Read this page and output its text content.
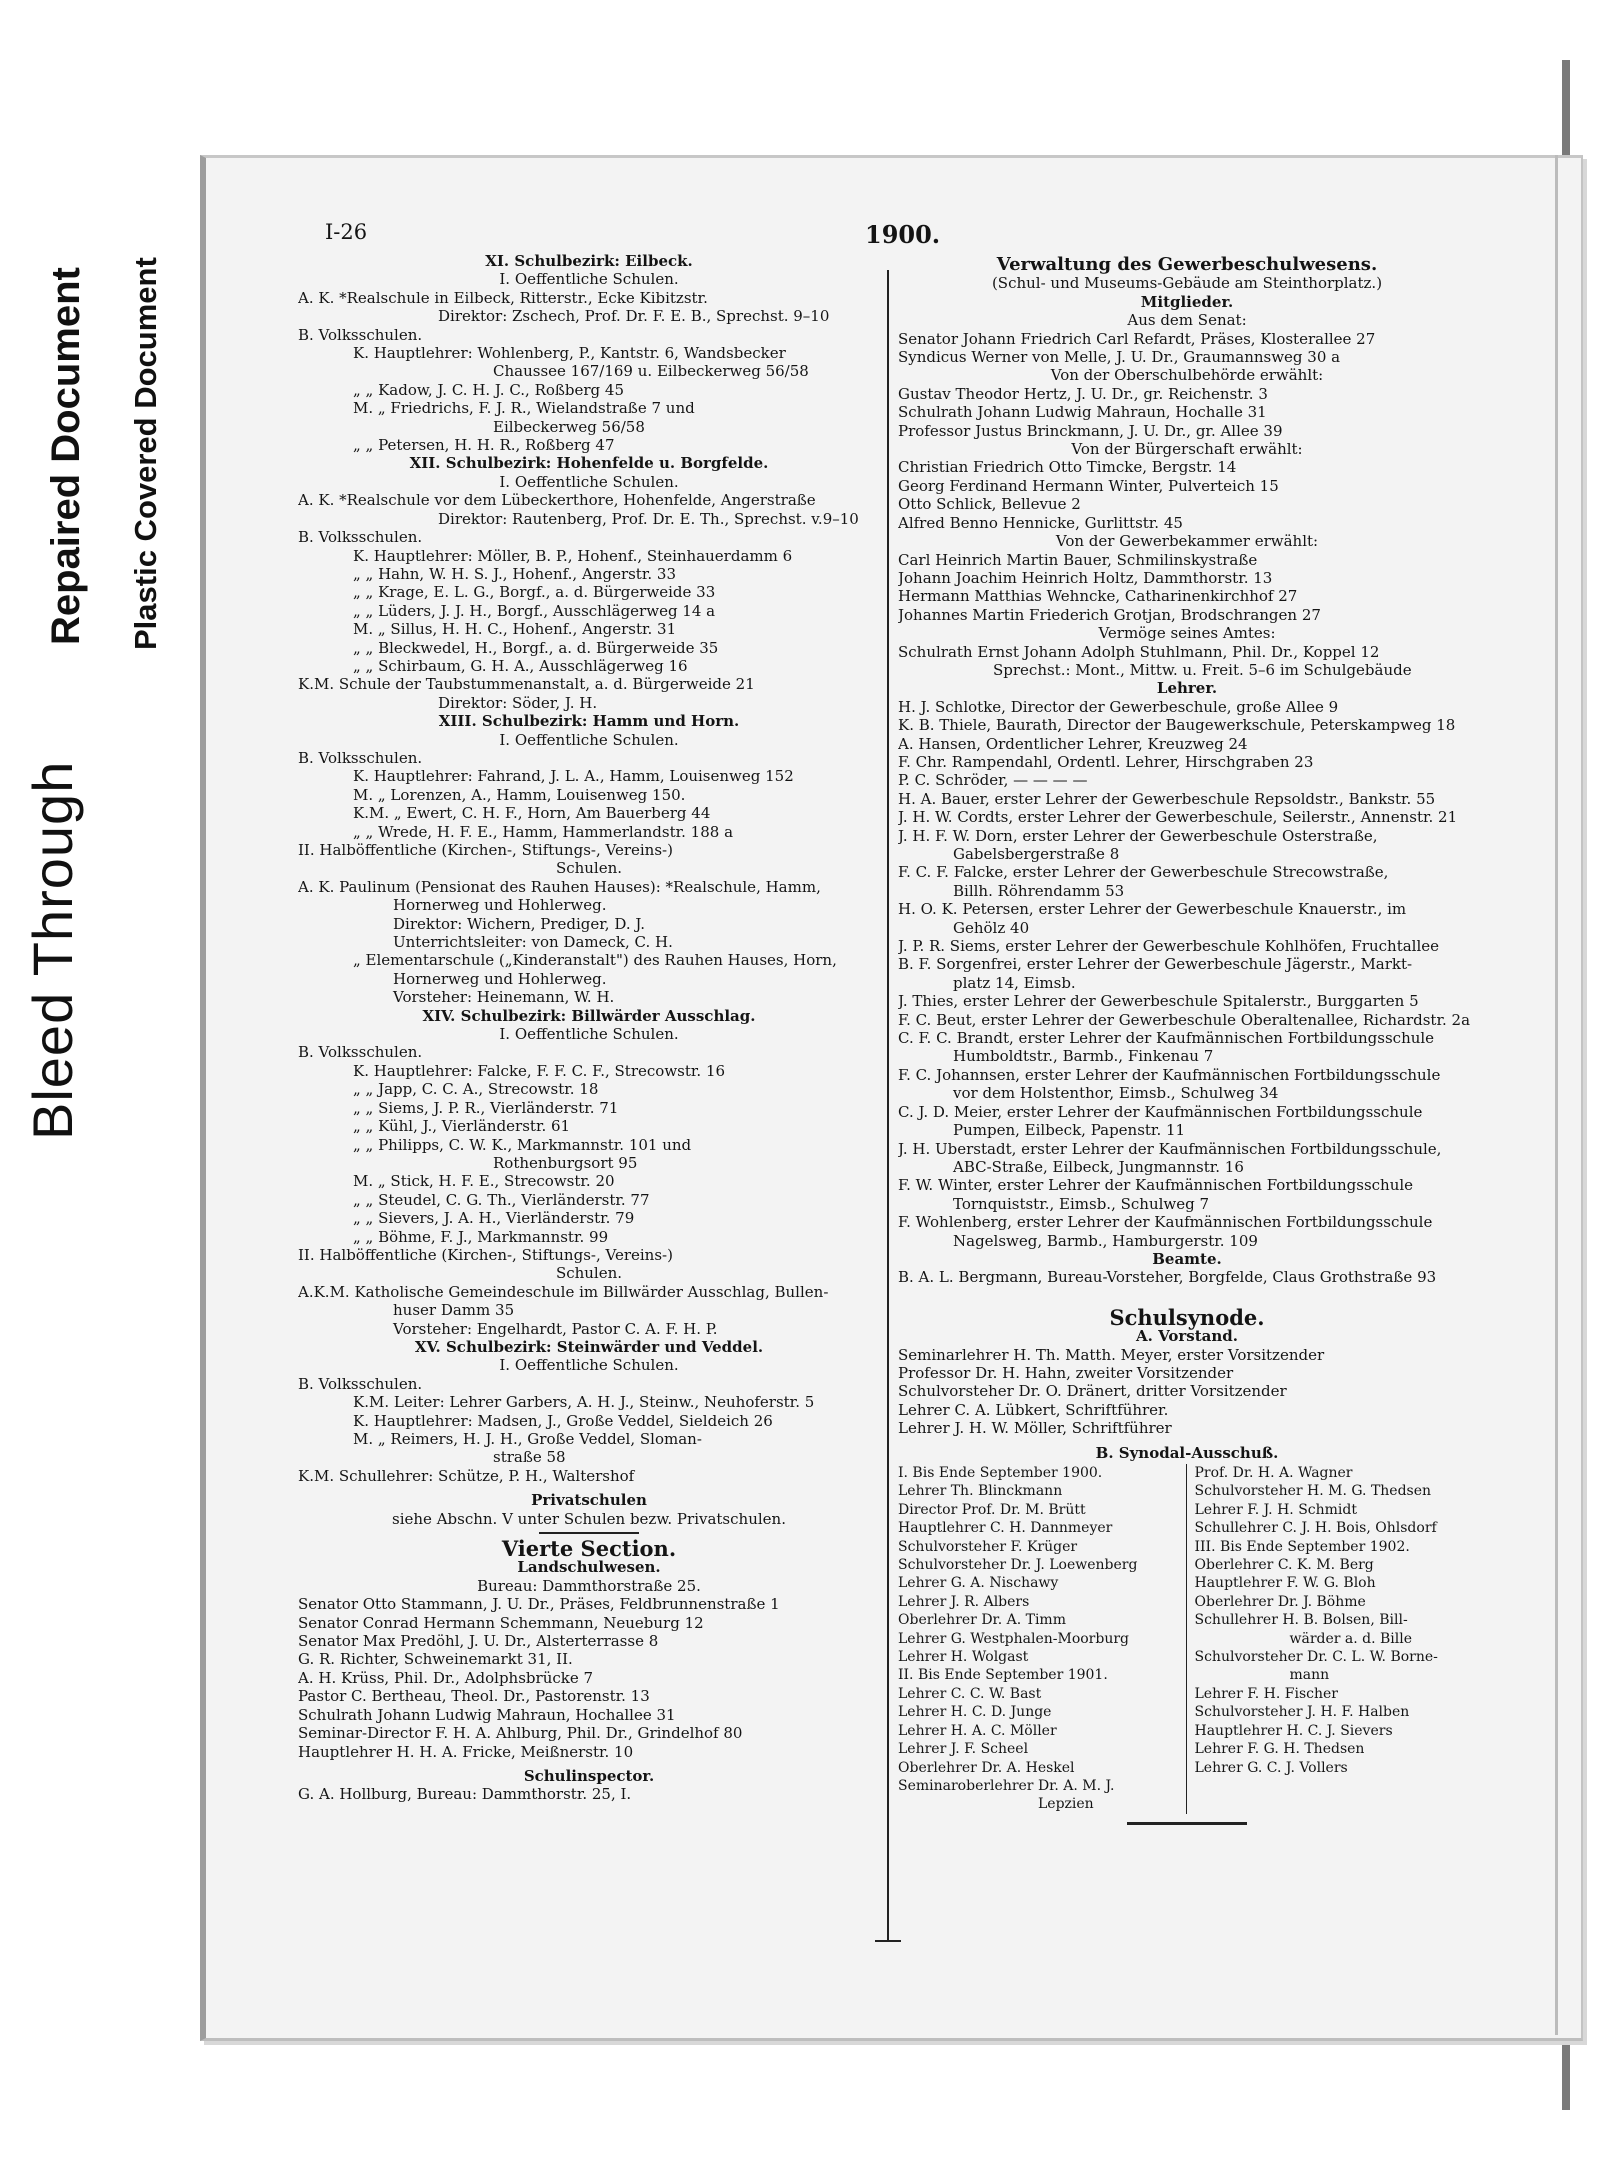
Bleed Through
Repaired Document Plastic Covered Document
I-26	1900.
XI. Schulbezirk: Eilbeck.
I. Oeffentliche Schulen.
A. K. *Realschule in Eilbeck, Ritterstr., Ecke Kibitzstr.
Direktor: Zschech, Prof. Dr. F. E. B., Sprechst. 9–10
B. Volksschulen.
K. Hauptlehrer: Wohlenberg, P., Kantstr. 6, Wandsbecker
Chaussee 167/169 u. Eilbeckerweg 56/58
„ „ Kadow, J. C. H. J. C., Roßberg 45
M. „ Friedrichs, F. J. R., Wielandstraße 7 und
Eilbeckerweg 56/58
„ „ Petersen, H. H. R., Roßberg 47
XII. Schulbezirk: Hohenfelde u. Borgfelde.
I. Oeffentliche Schulen.
A. K. *Realschule vor dem Lübeckerthore, Hohenfelde, Angerstraße
Direktor: Rautenberg, Prof. Dr. E. Th., Sprechst. v.9–10
B. Volksschulen.
K. Hauptlehrer: Möller, B. P., Hohenf., Steinhauerdamm 6
„ „ Hahn, W. H. S. J., Hohenf., Angerstr. 33
„ „ Krage, E. L. G., Borgf., a. d. Bürgerweide 33
„ „ Lüders, J. J. H., Borgf., Ausschlägerweg 14 a
M. „ Sillus, H. H. C., Hohenf., Angerstr. 31
„ „ Bleckwedel, H., Borgf., a. d. Bürgerweide 35
„ „ Schirbaum, G. H. A., Ausschlägerweg 16
K.M. Schule der Taubstummenanstalt, a. d. Bürgerweide 21
Direktor: Söder, J. H.
XIII. Schulbezirk: Hamm und Horn.
I. Oeffentliche Schulen.
B. Volksschulen.
K. Hauptlehrer: Fahrand, J. L. A., Hamm, Louisenweg 152
M. „ Lorenzen, A., Hamm, Louisenweg 150.
K.M. „ Ewert, C. H. F., Horn, Am Bauerberg 44
„ „ Wrede, H. F. E., Hamm, Hammerlandstr. 188 a
II. Halböffentliche (Kirchen-, Stiftungs-, Vereins-)
Schulen.
A. K. Paulinum (Pensionat des Rauhen Hauses): *Realschule, Hamm,
Hornerweg und Hohlerweg.
Direktor: Wichern, Prediger, D. J.
Unterrichtsleiter: von Dameck, C. H.
„ Elementarschule („Kinderanstalt") des Rauhen Hauses, Horn,
Hornerweg und Hohlerweg.
Vorsteher: Heinemann, W. H.
XIV. Schulbezirk: Billwärder Ausschlag.
I. Oeffentliche Schulen.
B. Volksschulen.
K. Hauptlehrer: Falcke, F. F. C. F., Strecowstr. 16
„ „ Japp, C. C. A., Strecowstr. 18
„ „ Siems, J. P. R., Vierländerstr. 71
„ „ Kühl, J., Vierländerstr. 61
„ „ Philipps, C. W. K., Markmannstr. 101 und
Rothenburgsort 95
M. „ Stick, H. F. E., Strecowstr. 20
„ „ Steudel, C. G. Th., Vierländerstr. 77
„ „ Sievers, J. A. H., Vierländerstr. 79
„ „ Böhme, F. J., Markmannstr. 99
II. Halböffentliche (Kirchen-, Stiftungs-, Vereins-)
Schulen.
A.K.M. Katholische Gemeindeschule im Billwärder Ausschlag, Bullen-
huser Damm 35
Vorsteher: Engelhardt, Pastor C. A. F. H. P.
XV. Schulbezirk: Steinwärder und Veddel.
I. Oeffentliche Schulen.
B. Volksschulen.
K.M. Leiter: Lehrer Garbers, A. H. J., Steinw., Neuhoferstr. 5
K. Hauptlehrer: Madsen, J., Große Veddel, Sieldeich 26
M. „ Reimers, H. J. H., Große Veddel, Sloman-
straße 58
K.M. Schullehrer: Schütze, P. H., Waltershof
Privatschulen
siehe Abschn. V unter Schulen bezw. Privatschulen.
Vierte Section.
Landschulwesen.
Bureau: Dammthorstraße 25.
Senator Otto Stammann, J. U. Dr., Präses, Feldbrunnenstraße 1
Senator Conrad Hermann Schemmann, Neueburg 12
Senator Max Predöhl, J. U. Dr., Alsterterrasse 8
G. R. Richter, Schweinemarkt 31, II.
A. H. Krüss, Phil. Dr., Adolphsbrücke 7
Pastor C. Bertheau, Theol. Dr., Pastorenstr. 13
Schulrath Johann Ludwig Mahraun, Hochallee 31
Seminar-Director F. H. A. Ahlburg, Phil. Dr., Grindelhof 80
Hauptlehrer H. H. A. Fricke, Meißnerstr. 10
Schulinspector.
G. A. Hollburg, Bureau: Dammthorstr. 25, I.
Verwaltung des Gewerbeschulwesens.
(Schul- und Museums-Gebäude am Steinthorplatz.)
Mitglieder.
Aus dem Senat:
Senator Johann Friedrich Carl Refardt, Präses, Klosterallee 27
Syndicus Werner von Melle, J. U. Dr., Graumannsweg 30 a
Von der Oberschulbehörde erwählt:
Gustav Theodor Hertz, J. U. Dr., gr. Reichenstr. 3
Schulrath Johann Ludwig Mahraun, Hochalle 31
Professor Justus Brinckmann, J. U. Dr., gr. Allee 39
Von der Bürgerschaft erwählt:
Christian Friedrich Otto Timcke, Bergstr. 14
Georg Ferdinand Hermann Winter, Pulverteich 15
Otto Schlick, Bellevue 2
Alfred Benno Hennicke, Gurlittstr. 45
Von der Gewerbekammer erwählt:
Carl Heinrich Martin Bauer, Schmilinskystraße
Johann Joachim Heinrich Holtz, Dammthorstr. 13
Hermann Matthias Wehncke, Catharinenkirchhof 27
Johannes Martin Friederich Grotjan, Brodschrangen 27
Vermöge seines Amtes:
Schulrath Ernst Johann Adolph Stuhlmann, Phil. Dr., Koppel 12
Sprechst.: Mont., Mittw. u. Freit. 5–6 im Schulgebäude
Lehrer.
H. J. Schlotke, Director der Gewerbeschule, große Allee 9
K. B. Thiele, Baurath, Director der Baugewerkschule, Peterskampweg 18
A. Hansen, Ordentlicher Lehrer, Kreuzweg 24
F. Chr. Rampendahl, Ordentl. Lehrer, Hirschgraben 23
P. C. Schröder, — — — —
H. A. Bauer, erster Lehrer der Gewerbeschule Repsoldstr., Bankstr. 55
J. H. W. Cordts, erster Lehrer der Gewerbeschule, Seilerstr., Annenstr. 21
J. H. F. W. Dorn, erster Lehrer der Gewerbeschule Osterstraße,
Gabelsbergerstraße 8
F. C. F. Falcke, erster Lehrer der Gewerbeschule Strecowstraße,
Billh. Röhrendamm 53
H. O. K. Petersen, erster Lehrer der Gewerbeschule Knauerstr., im
Gehölz 40
J. P. R. Siems, erster Lehrer der Gewerbeschule Kohlhöfen, Fruchtallee
B. F. Sorgenfrei, erster Lehrer der Gewerbeschule Jägerstr., Markt-
platz 14, Eimsb.
J. Thies, erster Lehrer der Gewerbeschule Spitalerstr., Burggarten 5
F. C. Beut, erster Lehrer der Gewerbeschule Oberaltenallee, Richardstr. 2a
C. F. C. Brandt, erster Lehrer der Kaufmännischen Fortbildungsschule
Humboldtstr., Barmb., Finkenau 7
F. C. Johannsen, erster Lehrer der Kaufmännischen Fortbildungsschule
vor dem Holstenthor, Eimsb., Schulweg 34
C. J. D. Meier, erster Lehrer der Kaufmännischen Fortbildungsschule
Pumpen, Eilbeck, Papenstr. 11
J. H. Uberstadt, erster Lehrer der Kaufmännischen Fortbildungsschule,
ABC-Straße, Eilbeck, Jungmannstr. 16
F. W. Winter, erster Lehrer der Kaufmännischen Fortbildungsschule
Tornquiststr., Eimsb., Schulweg 7
F. Wohlenberg, erster Lehrer der Kaufmännischen Fortbildungsschule
Nagelsweg, Barmb., Hamburgerstr. 109
Beamte.
B. A. L. Bergmann, Bureau-Vorsteher, Borgfelde, Claus Grothstraße 93
Schulsynode.
A. Vorstand.
Seminarlehrer H. Th. Matth. Meyer, erster Vorsitzender
Professor Dr. H. Hahn, zweiter Vorsitzender
Schulvorsteher Dr. O. Dränert, dritter Vorsitzender
Lehrer C. A. Lübkert, Schriftführer.
Lehrer J. H. W. Möller, Schriftführer
B. Synodal-Ausschuß.
I. Bis Ende September 1900.
Lehrer Th. Blinckmann
Director Prof. Dr. M. Brütt
Hauptlehrer C. H. Dannmeyer
Schulvorsteher F. Krüger
Schulvorsteher Dr. J. Loewenberg
Lehrer G. A. Nischawy
Lehrer J. R. Albers
Oberlehrer Dr. A. Timm
Lehrer G. Westphalen-Moorburg
Lehrer H. Wolgast
II. Bis Ende September 1901.
Lehrer C. C. W. Bast
Lehrer H. C. D. Junge
Lehrer H. A. C. Möller
Lehrer J. F. Scheel
Oberlehrer Dr. A. Heskel
Seminaroberlehrer Dr. A. M. J.
Lepzien
Prof. Dr. H. A. Wagner
Schulvorsteher H. M. G. Thedsen
Lehrer F. J. H. Schmidt
Schullehrer C. J. H. Bois, Ohlsdorf
III. Bis Ende September 1902.
Oberlehrer C. K. M. Berg
Hauptlehrer F. W. G. Bloh
Oberlehrer Dr. J. Böhme
Schullehrer H. B. Bolsen, Bill-
wärder a. d. Bille
Schulvorsteher Dr. C. L. W. Borne-
mann
Lehrer F. H. Fischer
Schulvorsteher J. H. F. Halben
Hauptlehrer H. C. J. Sievers
Lehrer F. G. H. Thedsen
Lehrer G. C. J. Vollers
